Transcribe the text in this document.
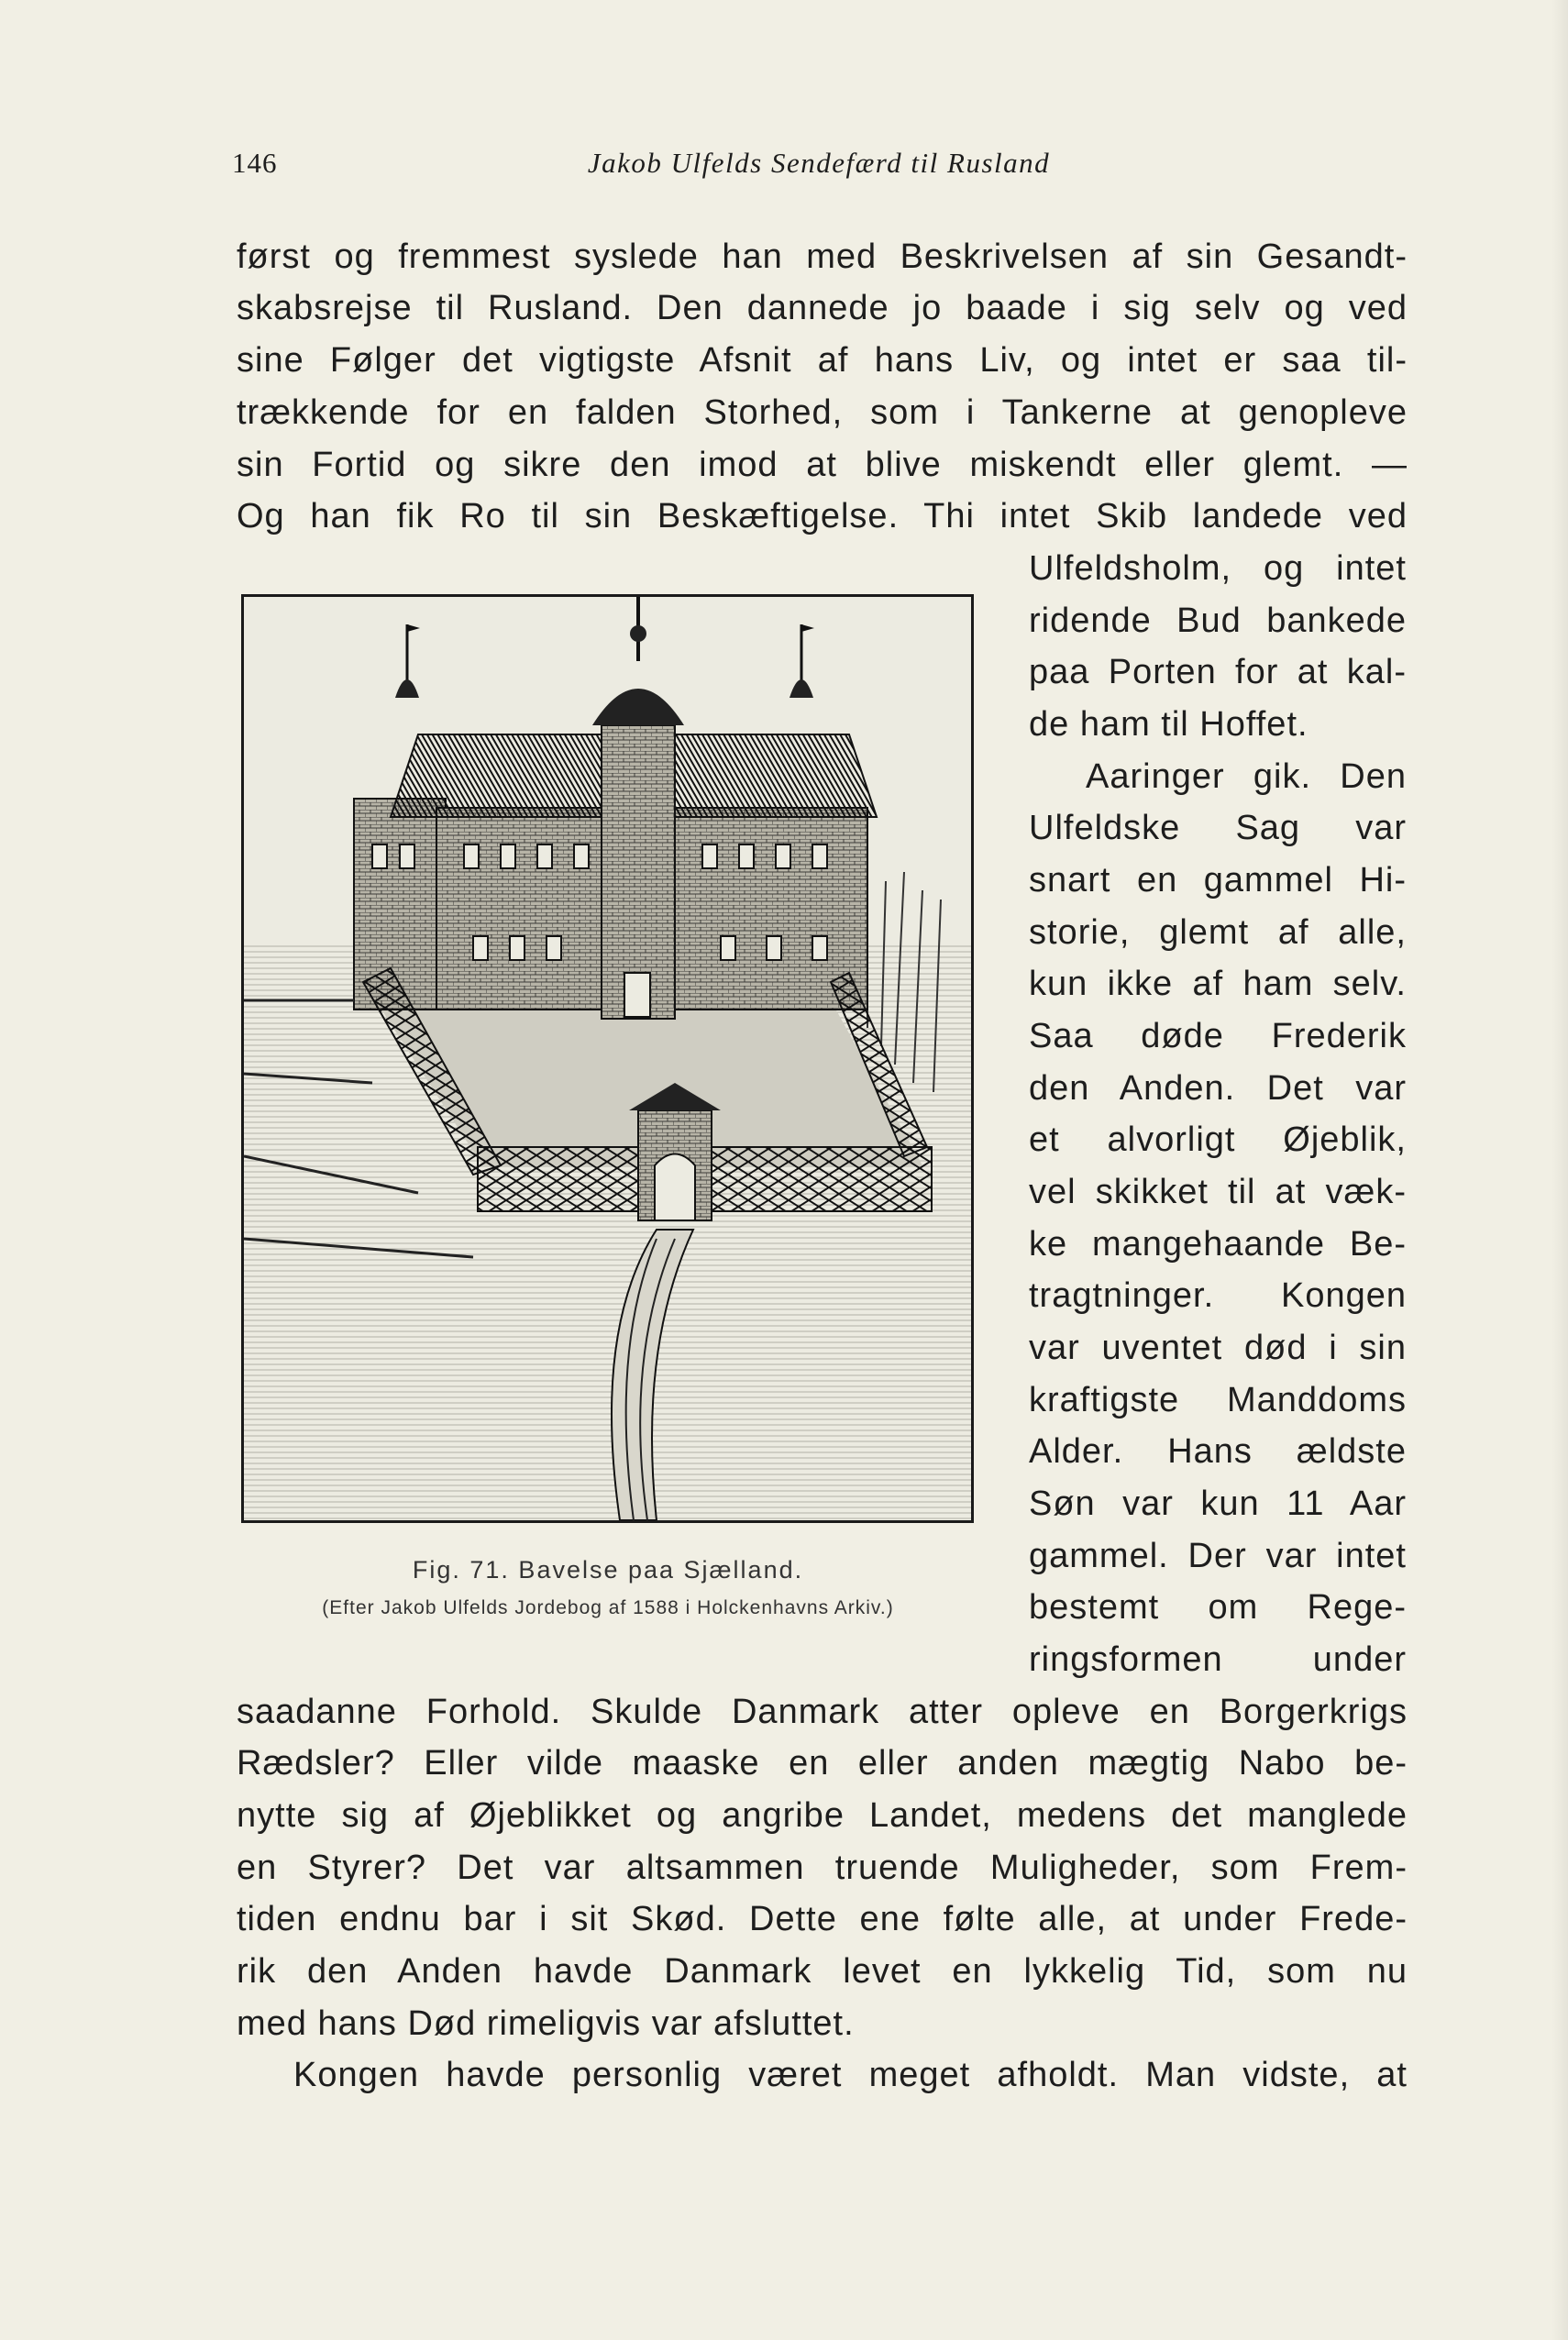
146	Jakob Ulfelds Sendefærd til Rusland
først og fremmest syslede han med Beskrivelsen af sin Gesandt-
skabsrejse til Rusland. Den dannede jo baade i sig selv og ved
sine Følger det vigtigste Afsnit af hans Liv, og intet er saa til-
trækkende for en falden Storhed, som i Tankerne at genopleve
sin Fortid og sikre den imod at blive miskendt eller glemt. —
Og han fik Ro til sin Beskæftigelse. Thi intet Skib landede ved
Ulfeldsholm, og intet
ridende Bud bankede
paa Porten for at kal-
de ham til Hoffet.
Aaringer gik. Den
Ulfeldske Sag var
snart en gammel Hi-
storie, glemt af alle,
kun ikke af ham selv.
Saa døde Frederik
den Anden. Det var
et alvorligt Øjeblik,
vel skikket til at væk-
ke mangehaande Be-
tragtninger. Kongen
var uventet død i sin
kraftigste Manddoms
Alder. Hans ældste
Søn var kun 11 Aar
gammel. Der var intet
bestemt om Rege-
ringsformen under
saadanne Forhold. Skulde Danmark atter opleve en Borgerkrigs
Rædsler? Eller vilde maaske en eller anden mægtig Nabo be-
nytte sig af Øjeblikket og angribe Landet, medens det manglede
en Styrer? Det var altsammen truende Muligheder, som Frem-
tiden endnu bar i sit Skød. Dette ene følte alle, at under Frede-
rik den Anden havde Danmark levet en lykkelig Tid, som nu
med hans Død rimeligvis var afsluttet.
Kongen havde personlig været meget afholdt. Man vidste, at
Fig. 71. Bavelse paa Sjælland.
(Efter Jakob Ulfelds Jordebog af 1588 i Holckenhavns Arkiv.)
